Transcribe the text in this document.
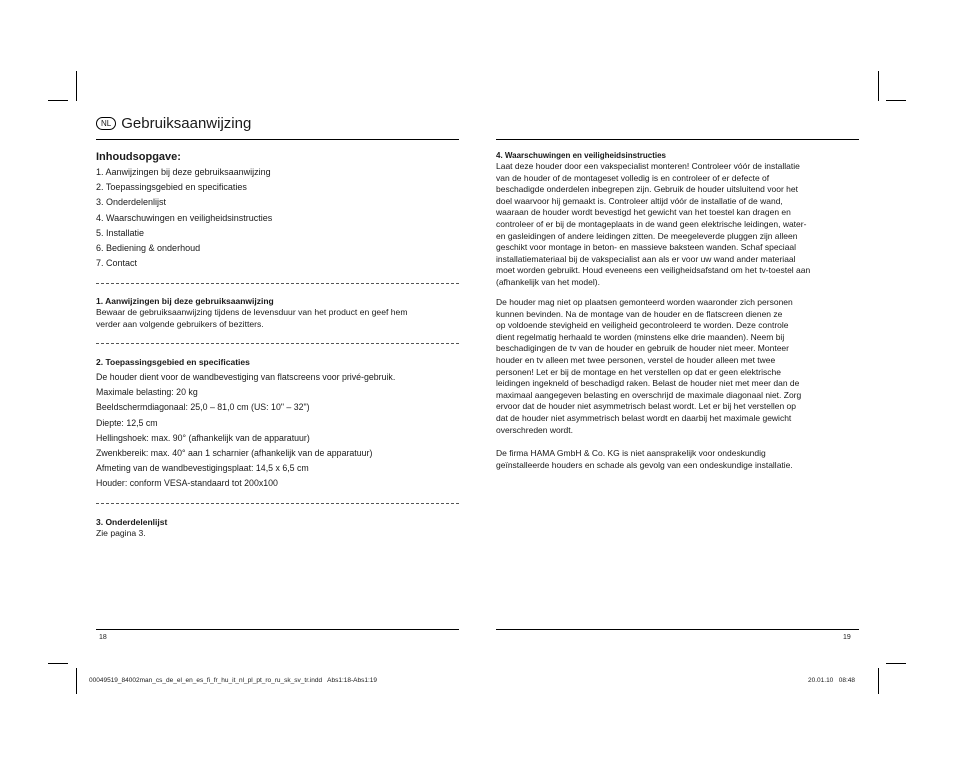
NL Gebruiksaanwijzing
Inhoudsopgave:
1. Aanwijzingen bij deze gebruiksaanwijzing
2. Toepassingsgebied en specificaties
3. Onderdelenlijst
4. Waarschuwingen en veiligheidsinstructies
5. Installatie
6. Bediening & onderhoud
7. Contact
1. Aanwijzingen bij deze gebruiksaanwijzing
Bewaar de gebruiksaanwijzing tijdens de levensduur van het product en geef hem
verder aan volgende gebruikers of bezitters.
2. Toepassingsgebied en specificaties
De houder dient voor de wandbevestiging van flatscreens voor privé-gebruik.
Maximale belasting: 20 kg
Beeldschermdiagonaal: 25,0 – 81,0 cm (US: 10" – 32")
Diepte: 12,5 cm
Hellingshoek: max. 90° (afhankelijk van de apparatuur)
Zwenkbereik: max. 40° aan 1 scharnier (afhankelijk van de apparatuur)
Afmeting van de wandbevestigingsplaat: 14,5 x 6,5 cm
Houder: conform VESA-standaard tot 200x100
3. Onderdelenlijst
Zie pagina 3.
4. Waarschuwingen en veiligheidsinstructies
Laat deze houder door een vakspecialist monteren! Controleer vóór de installatie
van de houder of de montageset volledig is en controleer of er defecte of
beschadigde onderdelen inbegrepen zijn. Gebruik de houder uitsluitend voor het
doel waarvoor hij gemaakt is. Controleer altijd vóór de installatie of de wand,
waaraan de houder wordt bevestigd het gewicht van het toestel kan dragen en
controleer of er bij de montageplaats in de wand geen elektrische leidingen, water-
en gasleidingen of andere leidingen zitten. De meegeleverde pluggen zijn alleen
geschikt voor montage in beton- en massieve baksteen wanden. Schaf speciaal
installatiemateriaal bij de vakspecialist aan als er voor uw wand ander materiaal
moet worden gebruikt. Houd eveneens een veiligheidsafstand om het tv-toestel aan
(afhankelijk van het model).
De houder mag niet op plaatsen gemonteerd worden waaronder zich personen
kunnen bevinden. Na de montage van de houder en de flatscreen dienen ze
op voldoende stevigheid en veiligheid gecontroleerd te worden. Deze controle
dient regelmatig herhaald te worden (minstens elke drie maanden). Neem bij
beschadigingen de tv van de houder en gebruik de houder niet meer. Monteer
houder en tv alleen met twee personen, verstel de houder alleen met twee
personen! Let er bij de montage en het verstellen op dat er geen elektrische
leidingen ingekneld of beschadigd raken. Belast de houder niet met meer dan de
maximaal aangegeven belasting en overschrijd de maximale diagonaal niet. Zorg
ervoor dat de houder niet asymmetrisch belast wordt. Let er bij het verstellen op
dat de houder niet asymmetrisch belast wordt en daarbij het maximale gewicht
overschreden wordt.
De firma HAMA GmbH & Co. KG is niet aansprakelijk voor ondeskundig
geïnstalleerde houders en schade als gevolg van een ondeskundige installatie.
18	19
00049519_84002man_cs_de_el_en_es_fi_fr_hu_it_nl_pl_pt_ro_ru_sk_sv_tr.indd   Abs1:18-Abs1:19	20.01.10   08:48
